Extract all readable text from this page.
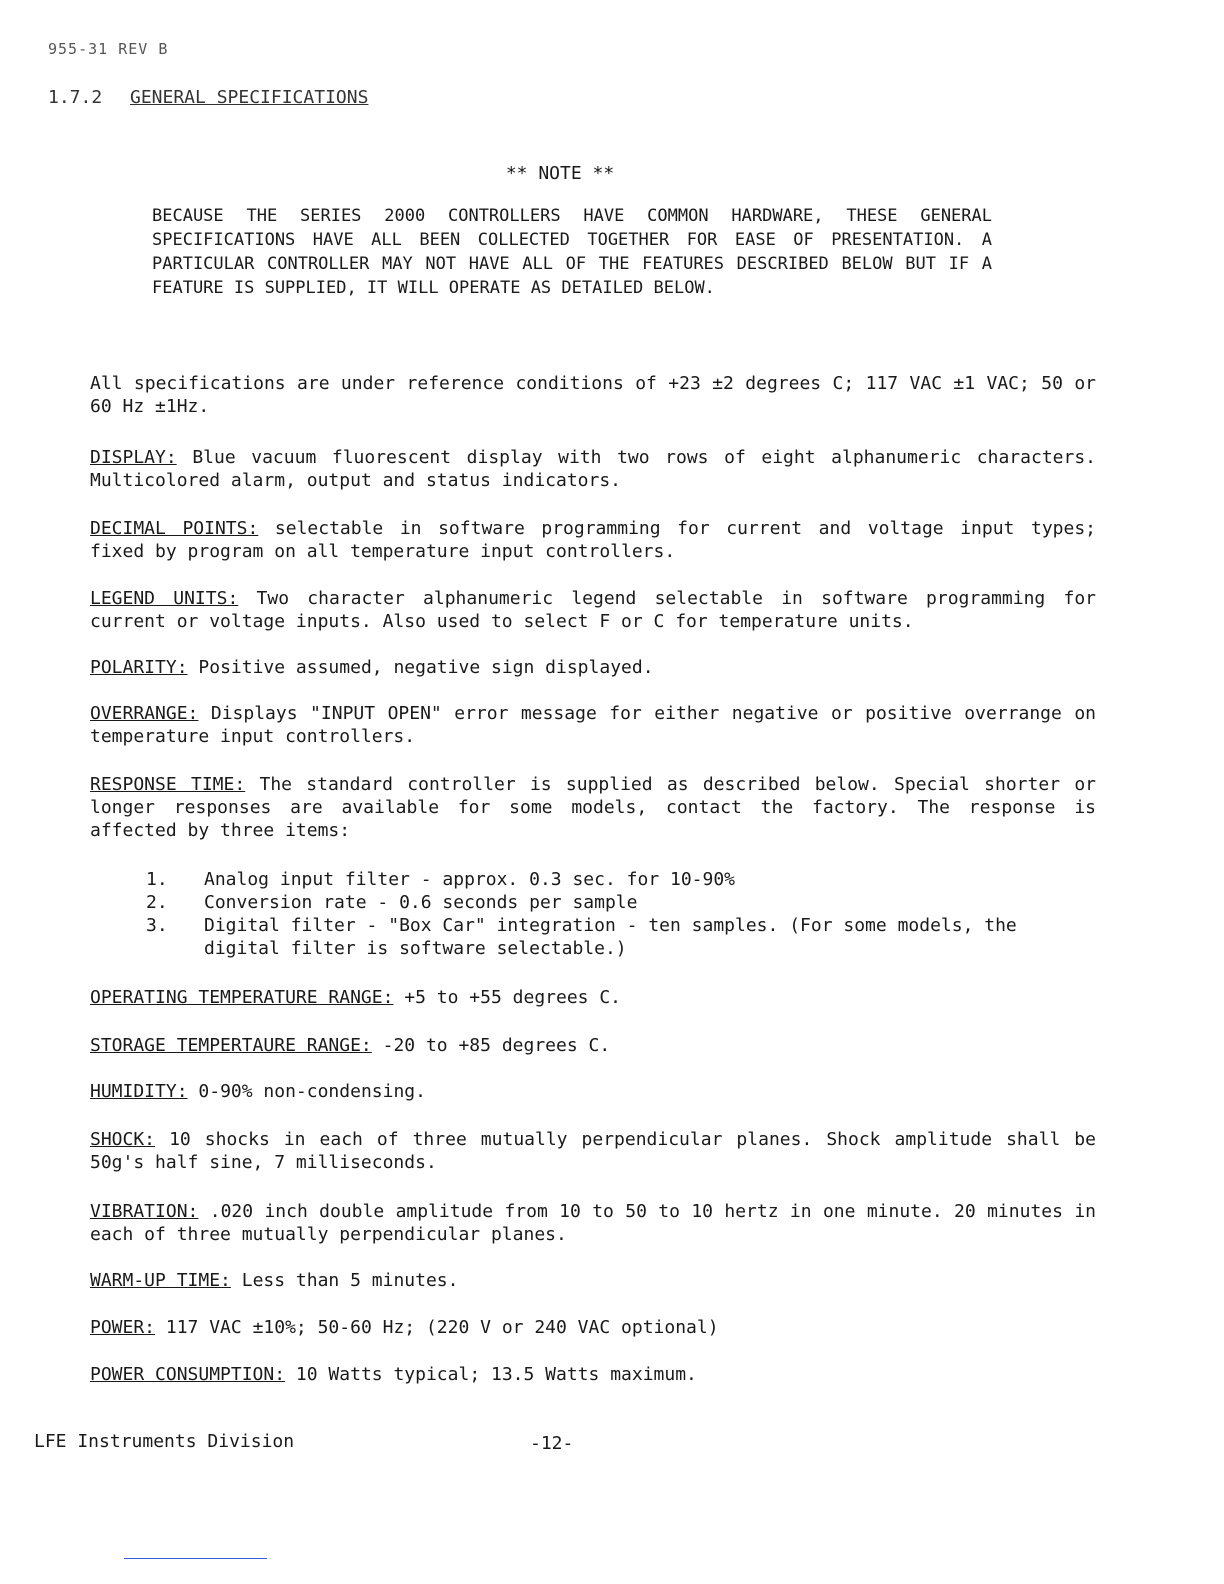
955-31 REV B
1.7.2 GENERAL SPECIFICATIONS
** NOTE **
BECAUSE THE SERIES 2000 CONTROLLERS HAVE COMMON HARDWARE, THESE GENERAL SPECIFICATIONS HAVE ALL BEEN COLLECTED TOGETHER FOR EASE OF PRESENTATION. A PARTICULAR CONTROLLER MAY NOT HAVE ALL OF THE FEATURES DESCRIBED BELOW BUT IF A FEATURE IS SUPPLIED, IT WILL OPERATE AS DETAILED BELOW.
All specifications are under reference conditions of +23 ±2 degrees C; 117 VAC ±1 VAC; 50 or 60 Hz ±1Hz.
DISPLAY: Blue vacuum fluorescent display with two rows of eight alphanumeric characters. Multicolored alarm, output and status indicators.
DECIMAL POINTS: selectable in software programming for current and voltage input types; fixed by program on all temperature input controllers.
LEGEND UNITS: Two character alphanumeric legend selectable in software programming for current or voltage inputs. Also used to select F or C for temperature units.
POLARITY: Positive assumed, negative sign displayed.
OVERRANGE: Displays "INPUT OPEN" error message for either negative or positive overrange on temperature input controllers.
RESPONSE TIME: The standard controller is supplied as described below. Special shorter or longer responses are available for some models, contact the factory. The response is affected by three items:
1.	Analog input filter - approx. 0.3 sec. for 10-90%
2.	Conversion rate - 0.6 seconds per sample
3.	Digital filter - "Box Car" integration - ten samples. (For some models, the digital filter is software selectable.)
OPERATING TEMPERATURE RANGE: +5 to +55 degrees C.
STORAGE TEMPERTAURE RANGE: -20 to +85 degrees C.
HUMIDITY: 0-90% non-condensing.
SHOCK: 10 shocks in each of three mutually perpendicular planes. Shock amplitude shall be 50g's half sine, 7 milliseconds.
VIBRATION: .020 inch double amplitude from 10 to 50 to 10 hertz in one minute. 20 minutes in each of three mutually perpendicular planes.
WARM-UP TIME: Less than 5 minutes.
POWER: 117 VAC ±10%; 50-60 Hz; (220 V or 240 VAC optional)
POWER CONSUMPTION: 10 Watts typical; 13.5 Watts maximum.
LFE Instruments Division	-12-
